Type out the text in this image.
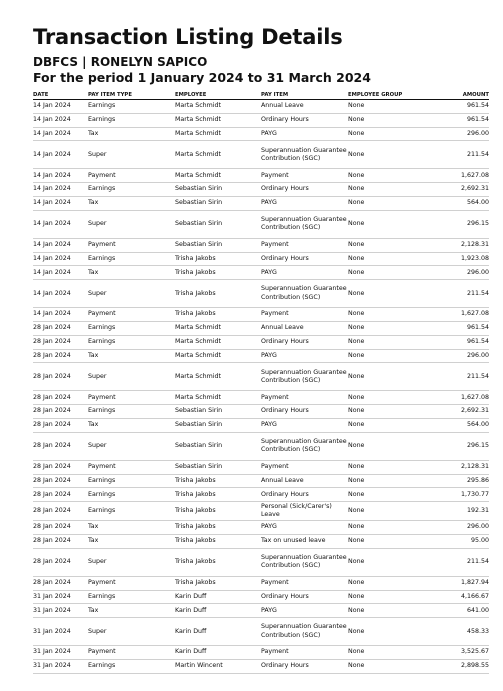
Transaction Listing Details

DBFCS | RONELYN SAPICO

For the period 1 January 2024 to 31 March 2024

DATE	PAY ITEM TYPE	EMPLOYEE	PAY ITEM	EMPLOYEE GROUP	AMOUNT
14 Jan 2024	Earnings	Marta Schmidt	Annual Leave	None	961.54
14 Jan 2024	Earnings	Marta Schmidt	Ordinary Hours	None	961.54
14 Jan 2024	Tax	Marta Schmidt	PAYG	None	296.00
14 Jan 2024	Super	Marta Schmidt	Superannuation Guarantee Contribution (SGC)	None	211.54
14 Jan 2024	Payment	Marta Schmidt	Payment	None	1,627.08
14 Jan 2024	Earnings	Sebastian Sirin	Ordinary Hours	None	2,692.31
14 Jan 2024	Tax	Sebastian Sirin	PAYG	None	564.00
14 Jan 2024	Super	Sebastian Sirin	Superannuation Guarantee Contribution (SGC)	None	296.15
14 Jan 2024	Payment	Sebastian Sirin	Payment	None	2,128.31
14 Jan 2024	Earnings	Trisha Jakobs	Ordinary Hours	None	1,923.08
14 Jan 2024	Tax	Trisha Jakobs	PAYG	None	296.00
14 Jan 2024	Super	Trisha Jakobs	Superannuation Guarantee Contribution (SGC)	None	211.54
14 Jan 2024	Payment	Trisha Jakobs	Payment	None	1,627.08
28 Jan 2024	Earnings	Marta Schmidt	Annual Leave	None	961.54
28 Jan 2024	Earnings	Marta Schmidt	Ordinary Hours	None	961.54
28 Jan 2024	Tax	Marta Schmidt	PAYG	None	296.00
28 Jan 2024	Super	Marta Schmidt	Superannuation Guarantee Contribution (SGC)	None	211.54
28 Jan 2024	Payment	Marta Schmidt	Payment	None	1,627.08
28 Jan 2024	Earnings	Sebastian Sirin	Ordinary Hours	None	2,692.31
28 Jan 2024	Tax	Sebastian Sirin	PAYG	None	564.00
28 Jan 2024	Super	Sebastian Sirin	Superannuation Guarantee Contribution (SGC)	None	296.15
28 Jan 2024	Payment	Sebastian Sirin	Payment	None	2,128.31
28 Jan 2024	Earnings	Trisha Jakobs	Annual Leave	None	295.86
28 Jan 2024	Earnings	Trisha Jakobs	Ordinary Hours	None	1,730.77
28 Jan 2024	Earnings	Trisha Jakobs	Personal (Sick/Carer's) Leave	None	192.31
28 Jan 2024	Tax	Trisha Jakobs	PAYG	None	296.00
28 Jan 2024	Tax	Trisha Jakobs	Tax on unused leave	None	95.00
28 Jan 2024	Super	Trisha Jakobs	Superannuation Guarantee Contribution (SGC)	None	211.54
28 Jan 2024	Payment	Trisha Jakobs	Payment	None	1,827.94
31 Jan 2024	Earnings	Karin Duff	Ordinary Hours	None	4,166.67
31 Jan 2024	Tax	Karin Duff	PAYG	None	641.00
31 Jan 2024	Super	Karin Duff	Superannuation Guarantee Contribution (SGC)	None	458.33
31 Jan 2024	Payment	Karin Duff	Payment	None	3,525.67
31 Jan 2024	Earnings	Martin Wincent	Ordinary Hours	None	2,898.55
